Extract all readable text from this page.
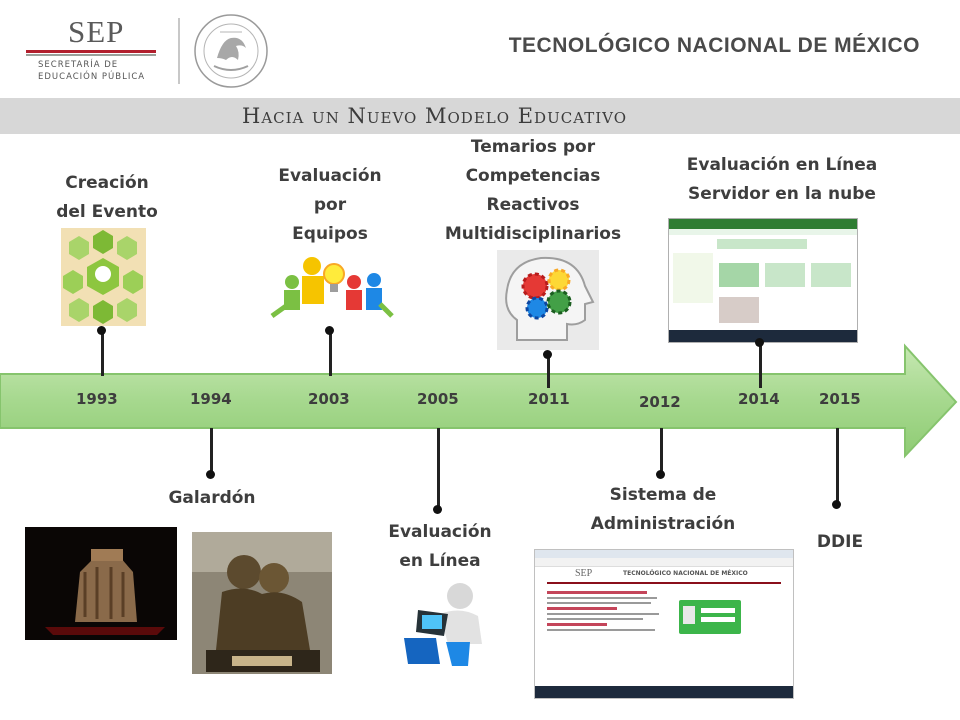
SEP
SECRETARÍA DE
EDUCACIÓN PÚBLICA
TECNOLÓGICO NACIONAL DE MÉXICO
Hacia un Nuevo Modelo Educativo
1993	1994	2003	2005	2011	2012	2014	2015
Creación
del Evento
Galardón
Evaluación
por
Equipos
Evaluación
en Línea
Temarios por
Competencias
Reactivos
Multidisciplinarios
Sistema de
Administración
SEP	TECNOLÓGICO NACIONAL DE MÉXICO
Evaluación en Línea
Servidor en la nube
DDIE
